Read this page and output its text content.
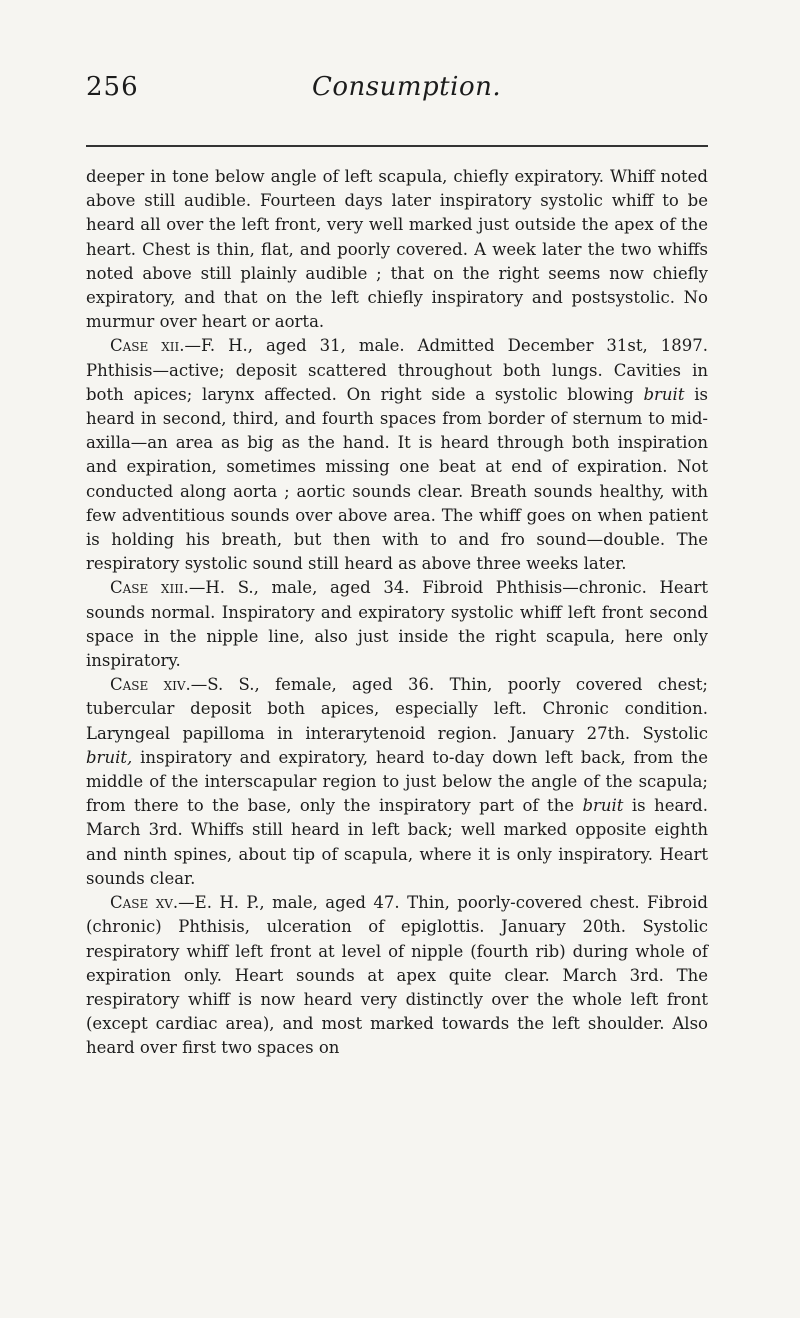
256	Consumption.

deeper in tone below angle of left scapula, chiefly expiratory. Whiff noted above still audible. Fourteen days later inspiratory systolic whiff to be heard all over the left front, very well marked just outside the apex of the heart. Chest is thin, flat, and poorly covered. A week later the two whiffs noted above still plainly audible ; that on the right seems now chiefly expiratory, and that on the left chiefly inspiratory and postsystolic. No murmur over heart or aorta.

Case xii.—F. H., aged 31, male. Admitted December 31st, 1897. Phthisis—active; deposit scattered throughout both lungs. Cavities in both apices; larynx affected. On right side a systolic blowing bruit is heard in second, third, and fourth spaces from border of sternum to mid-axilla—an area as big as the hand. It is heard through both inspiration and expiration, sometimes missing one beat at end of expiration. Not conducted along aorta ; aortic sounds clear. Breath sounds healthy, with few adventitious sounds over above area. The whiff goes on when patient is holding his breath, but then with to and fro sound—double. The respiratory systolic sound still heard as above three weeks later.

Case xiii.—H. S., male, aged 34. Fibroid Phthisis—chronic. Heart sounds normal. Inspiratory and expiratory systolic whiff left front second space in the nipple line, also just inside the right scapula, here only inspiratory.

Case xiv.—S. S., female, aged 36. Thin, poorly covered chest; tubercular deposit both apices, especially left. Chronic condition. Laryngeal papilloma in interarytenoid region. January 27th. Systolic bruit, inspiratory and expiratory, heard to-day down left back, from the middle of the interscapular region to just below the angle of the scapula; from there to the base, only the inspiratory part of the bruit is heard. March 3rd. Whiffs still heard in left back; well marked opposite eighth and ninth spines, about tip of scapula, where it is only inspiratory. Heart sounds clear.

Case xv.—E. H. P., male, aged 47. Thin, poorly-covered chest. Fibroid (chronic) Phthisis, ulceration of epiglottis. January 20th. Systolic respiratory whiff left front at level of nipple (fourth rib) during whole of expiration only. Heart sounds at apex quite clear. March 3rd. The respiratory whiff is now heard very distinctly over the whole left front (except cardiac area), and most marked towards the left shoulder. Also heard over first two spaces on
